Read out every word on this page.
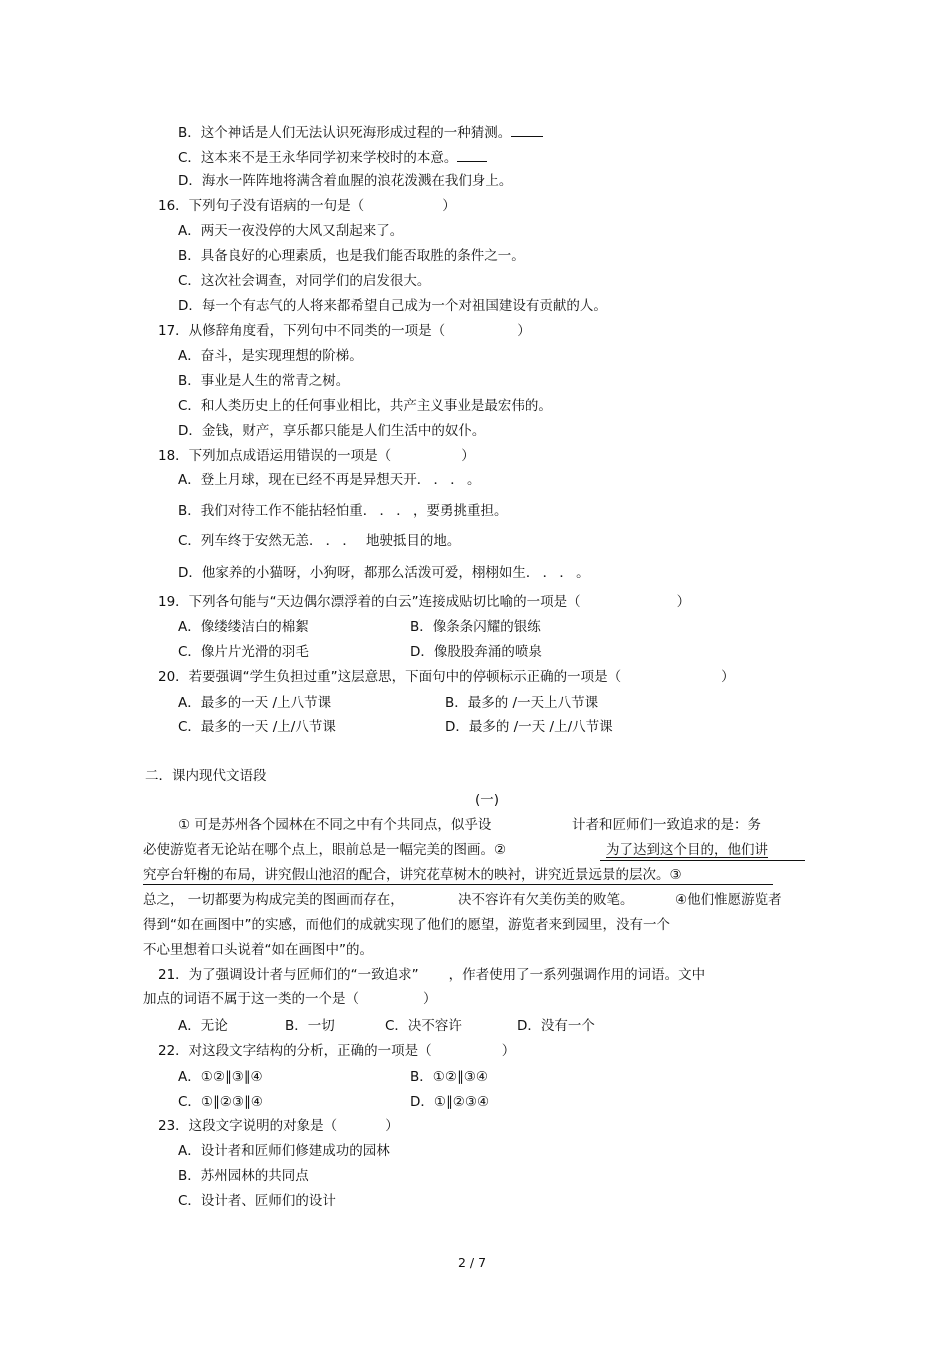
B．这个神话是人们无法认识死海形成过程的一种猜测。
C．这本来不是王永华同学初来学校时的本意。
D．海水一阵阵地将满含着血腥的浪花泼溅在我们身上。
16．下列句子没有语病的一句是（	）
A．两天一夜没停的大风又刮起来了。
B．具备良好的心理素质，也是我们能否取胜的条件之一。
C．这次社会调查，对同学们的启发很大。
D．每一个有志气的人将来都希望自己成为一个对祖国建设有贡献的人。
17．从修辞角度看，下列句中不同类的一项是（	）
A．奋斗，是实现理想的阶梯。
B．事业是人生的常青之树。
C．和人类历史上的任何事业相比，共产主义事业是最宏伟的。
D．金钱，财产，享乐都只能是人们生活中的奴仆。
18．下列加点成语运用错误的一项是（	）
A．登上月球，现在已经不再是异想天开．．．。
B．我们对待工作不能拈轻怕重．．．，要勇挑重担。
C．列车终于安然无恙．．．地驶抵目的地。
D．他家养的小猫呀，小狗呀，都那么活泼可爱，栩栩如生．．．。
19．下列各句能与“天边偶尔漂浮着的白云”连接成贴切比喻的一项是（	）
A．像缕缕洁白的棉絮	B．像条条闪耀的银练
C．像片片光滑的羽毛	D．像股股奔涌的喷泉
20．若要强调“学生负担过重”这层意思，下面句中的停顿标示正确的一项是（	）
A．最多的一天 /上八节课	B．最多的 /一天上八节课
C．最多的一天 /上/八节课	D．最多的 /一天 /上/八节课
二．课内现代文语段
(一)
① 可是苏州各个园林在不同之中有个共同点，似乎设	计者和匠师们一致追求的是：务
必使游览者无论站在哪个点上，眼前总是一幅完美的图画。②	为了达到这个目的，他们讲
究亭台轩榭的布局，讲究假山池沼的配合，讲究花草树木的映衬，讲究近景远景的层次。③
总之， 一切都要为构成完美的图画而存在，	决不容许有欠美伤美的败笔。	④他们惟愿游览者
得到“如在画图中”的实感，而他们的成就实现了他们的愿望，游览者来到园里，没有一个
不心里想着口头说着“如在画图中”的。
21．为了强调设计者与匠师们的“一致追求” ，作者使用了一系列强调作用的词语。文中
加点的词语不属于这一类的一个是（	）
A．无论	B．一切	C．决不容许	D．没有一个
22．对这段文字结构的分析，正确的一项是（	）
A．①②∥③∥④	B．①②∥③④
C．①∥②③∥④	D．①∥②③④
23．这段文字说明的对象是（	）
A．设计者和匠师们修建成功的园林
B．苏州园林的共同点
C．设计者、匠师们的设计
2 / 7
